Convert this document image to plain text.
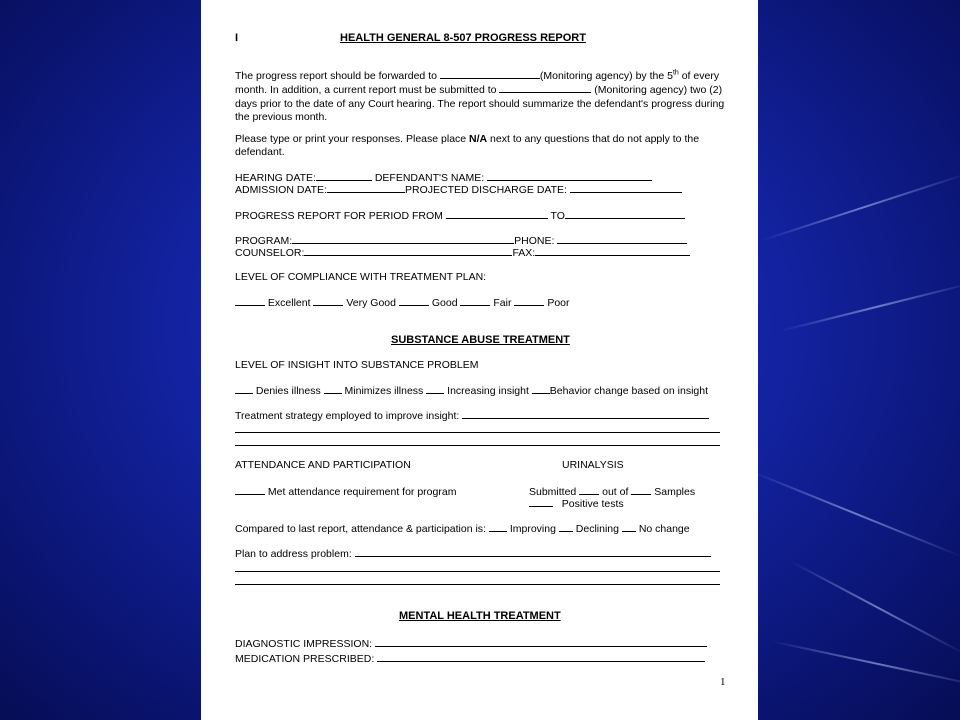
I	HEALTH GENERAL 8-507 PROGRESS REPORT
The progress report should be forwarded to	(Monitoring agency) by the 5th of every month. In addition, a current report must be submitted to	(Monitoring agency) two (2) days prior to the date of any Court hearing. The report should summarize the defendant's progress during the previous month.
Please type or print your responses. Please place N/A next to any questions that do not apply to the defendant.
HEARING DATE:	DEFENDANT'S NAME:
ADMISSION DATE:	PROJECTED DISCHARGE DATE:
PROGRESS REPORT FOR PERIOD FROM	TO
PROGRAM:	PHONE:
COUNSELOR:	FAX:
LEVEL OF COMPLIANCE WITH TREATMENT PLAN:
Excellent	Very Good	Good	Fair	Poor
SUBSTANCE ABUSE TREATMENT
LEVEL OF INSIGHT INTO SUBSTANCE PROBLEM
Denies illness Minimizes illness Increasing insight Behavior change based on insight
Treatment strategy employed to improve insight:
ATTENDANCE AND PARTICIPATION	URINALYSIS
Met attendance requirement for program	Submitted out of Samples
Positive tests
Compared to last report, attendance & participation is: Improving Declining No change
Plan to address problem:
MENTAL HEALTH TREATMENT
DIAGNOSTIC IMPRESSION:
MEDICATION PRESCRIBED:
1
